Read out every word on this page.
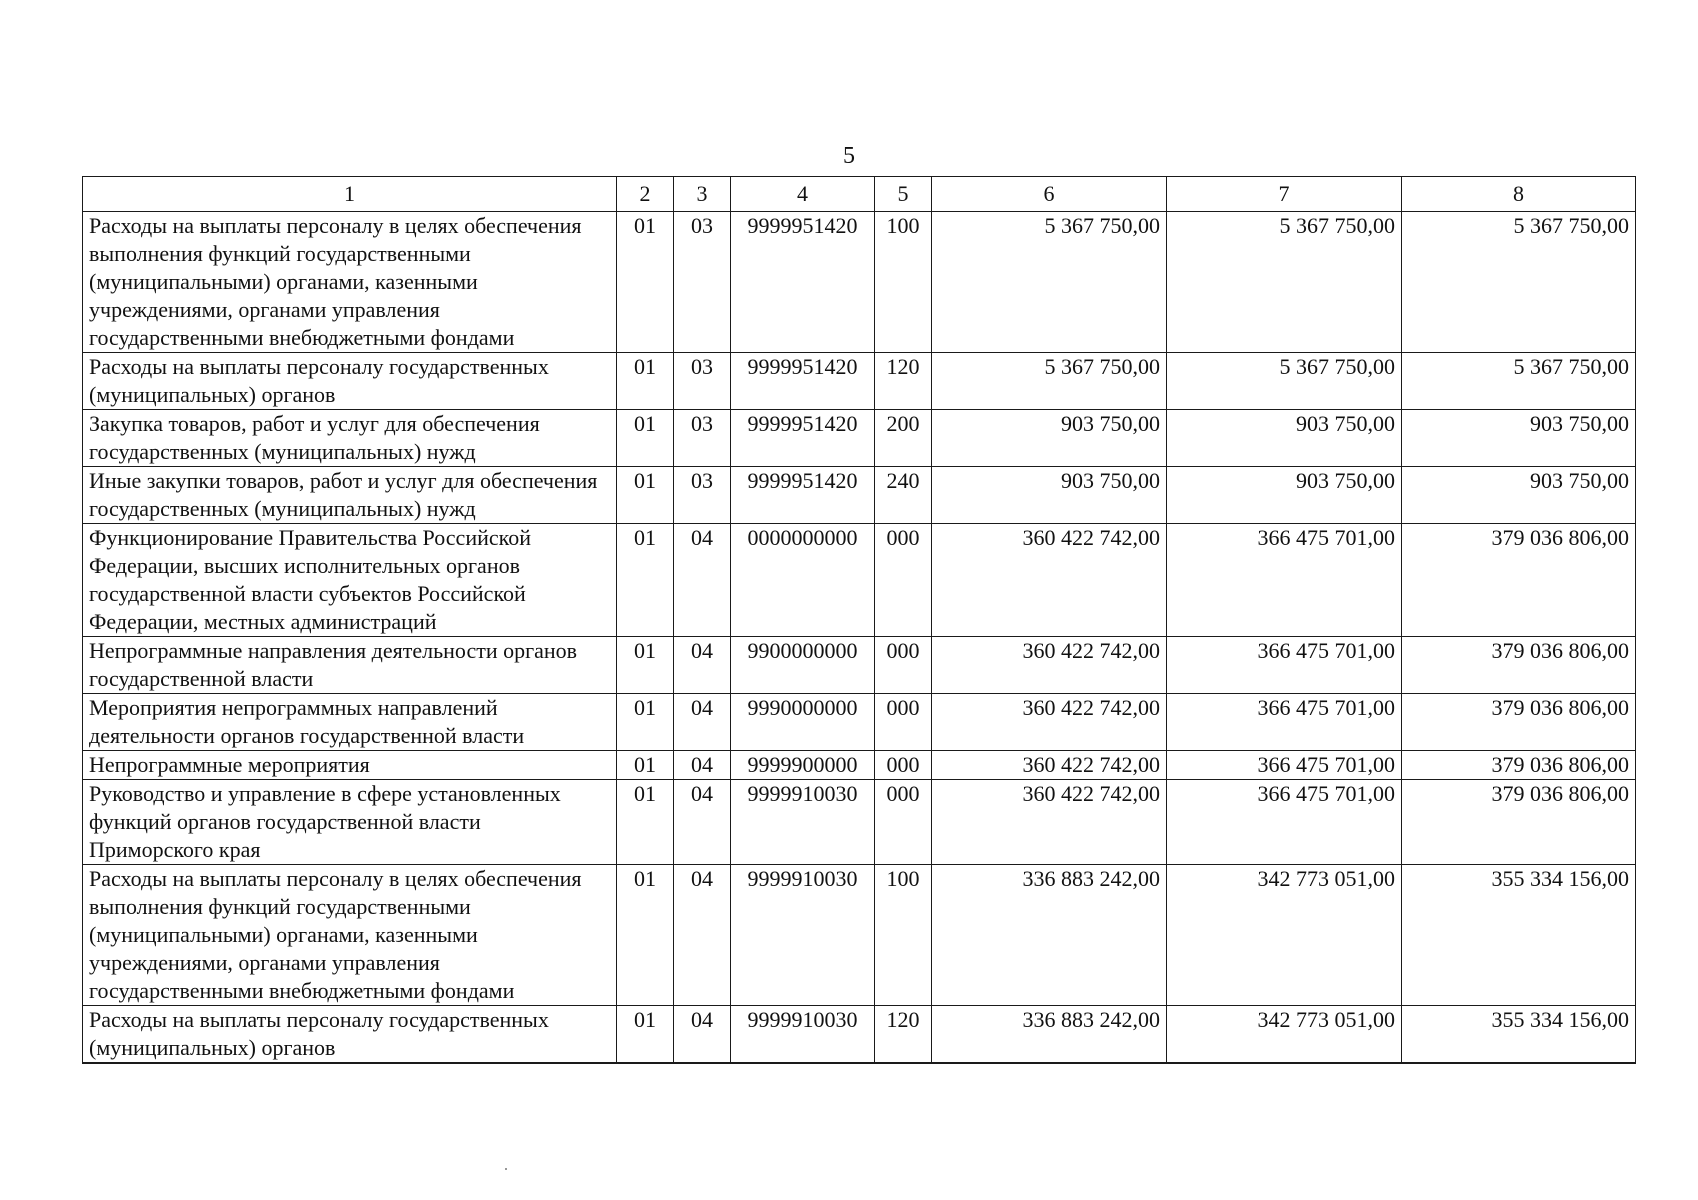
5
1	2	3	4	5	6	7	8
Расходы на выплаты персоналу в целях обеспечения выполнения функций государственными (муниципальными) органами, казенными учреждениями, органами управления государственными внебюджетными фондами	01	03	9999951420	100	5 367 750,00	5 367 750,00	5 367 750,00
Расходы на выплаты персоналу государственных (муниципальных) органов	01	03	9999951420	120	5 367 750,00	5 367 750,00	5 367 750,00
Закупка товаров, работ и услуг для обеспечения государственных (муниципальных) нужд	01	03	9999951420	200	903 750,00	903 750,00	903 750,00
Иные закупки товаров, работ и услуг для обеспечения государственных (муниципальных) нужд	01	03	9999951420	240	903 750,00	903 750,00	903 750,00
Функционирование Правительства Российской Федерации, высших исполнительных органов государственной власти субъектов Российской Федерации, местных администраций	01	04	0000000000	000	360 422 742,00	366 475 701,00	379 036 806,00
Непрограммные направления деятельности органов государственной власти	01	04	9900000000	000	360 422 742,00	366 475 701,00	379 036 806,00
Мероприятия непрограммных направлений деятельности органов государственной власти	01	04	9990000000	000	360 422 742,00	366 475 701,00	379 036 806,00
Непрограммные мероприятия	01	04	9999900000	000	360 422 742,00	366 475 701,00	379 036 806,00
Руководство и управление в сфере установленных функций органов государственной власти Приморского края	01	04	9999910030	000	360 422 742,00	366 475 701,00	379 036 806,00
Расходы на выплаты персоналу в целях обеспечения выполнения функций государственными (муниципальными) органами, казенными учреждениями, органами управления государственными внебюджетными фондами	01	04	9999910030	100	336 883 242,00	342 773 051,00	355 334 156,00
Расходы на выплаты персоналу государственных (муниципальных) органов	01	04	9999910030	120	336 883 242,00	342 773 051,00	355 334 156,00
